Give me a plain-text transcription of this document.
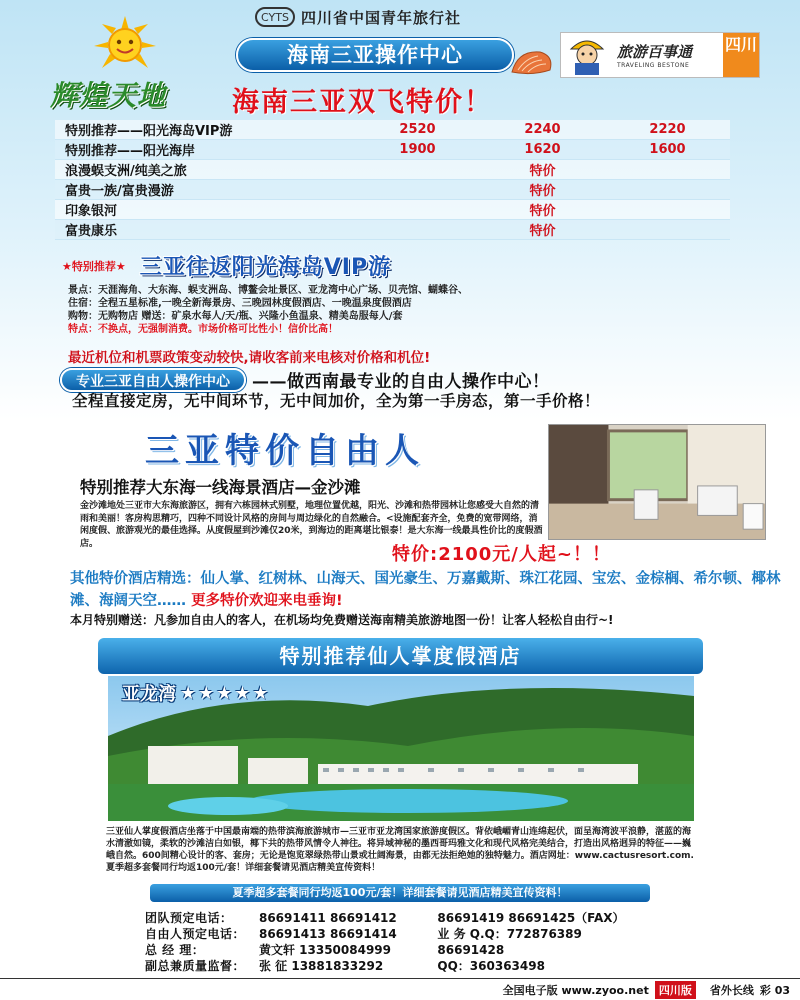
CYTS 四川省中国青年旅行社
辉煌天地
海南三亚操作中心
海南三亚双飞特价！
旅游百事通
TRAVELING BESTONE
四川
特别推荐——阳光海岛VIP游	2520	2240	2220
特别推荐——阳光海岸	1900	1620	1600
浪漫蜈支洲/纯美之旅		特价	
富贵一族/富贵漫游		特价	
印象银河		特价	
富贵康乐		特价	
★特别推荐★ 三亚往返阳光海岛VIP游
景点：天涯海角、大东海、蜈支洲岛、博鳌会址景区、亚龙湾中心广场、贝壳馆、蝴蝶谷、
住宿：全程五星标准,一晚全新海景房、三晚园林度假酒店、一晚温泉度假酒店
购物：无购物店 赠送：矿泉水每人/天/瓶、兴隆小鱼温泉、精美岛服每人/套
特点：不换点，无强制消费。市场价格可比性小！信价比高！
最近机位和机票政策变动较快,请收客前来电核对价格和机位!
专业三亚自由人操作中心	——做西南最专业的自由人操作中心！
全程直接定房，无中间环节，无中间加价，全为第一手房态，第一手价格！
三亚特价自由人
特别推荐大东海一线海景酒店—金沙滩
金沙滩地处三亚市大东海旅游区，拥有六栋园林式别墅，地理位置优越，阳光、沙滩和热带园林让您感受大自然的清雨和美丽！客房构思精巧，四种不同设计风格的房间与周边绿化的自然融合。<设施配套齐全，免费的宽带网络，消闲度假、旅游观光的最佳选择。从度假屋到沙滩仅20米，到海边的距离堪比银泰！是大东海一线最具性价比的度假酒店。
特价:2100元/人起~！！
其他特价酒店精选：仙人掌、红树林、山海天、国光豪生、万嘉戴斯、珠江花园、宝宏、金棕榈、希尔顿、椰林滩、海阔天空…… 更多特价欢迎来电垂询!
本月特别赠送：凡参加自由人的客人，在机场均免费赠送海南精美旅游地图一份！让客人轻松自由行~!
特别推荐仙人掌度假酒店
亚龙湾 ★★★★★
三亚仙人掌度假酒店坐落于中国最南端的热带滨海旅游城市—三亚市亚龙湾国家旅游度假区。背依峨嵋青山连绵起伏，面呈海湾波平浪静，湛蓝的海水清澈如镜，柔软的沙滩洁白如银，椰下共的热带风情令人神往。将异域神秘的墨西哥玛雅文化和现代风格完美结合，打造出风格迥异的特征——巍峨自然。600间精心设计的客、套房；无论是饱览翠绿热带山景或壮阔海景，由都无法拒绝她的独特魅力。酒店网址：www.cactusresort.com.夏季超多套餐同行均返100元/套！详细套餐请见酒店精美宣传资料！
夏季超多套餐同行均返100元/套！详细套餐请见酒店精美宣传资料！
团队预定电话：	86691411 86691412	86691419 86691425（FAX）
自由人预定电话：	86691413 86691414	业 务 Q.Q：772876389
总 经 理：	黄文轩 13350084999	86691428
副总兼质量监督：	张 征 13881833292	QQ：360363498
全国电子版 www.zyoo.net 四川版	省外长线 彩 03
